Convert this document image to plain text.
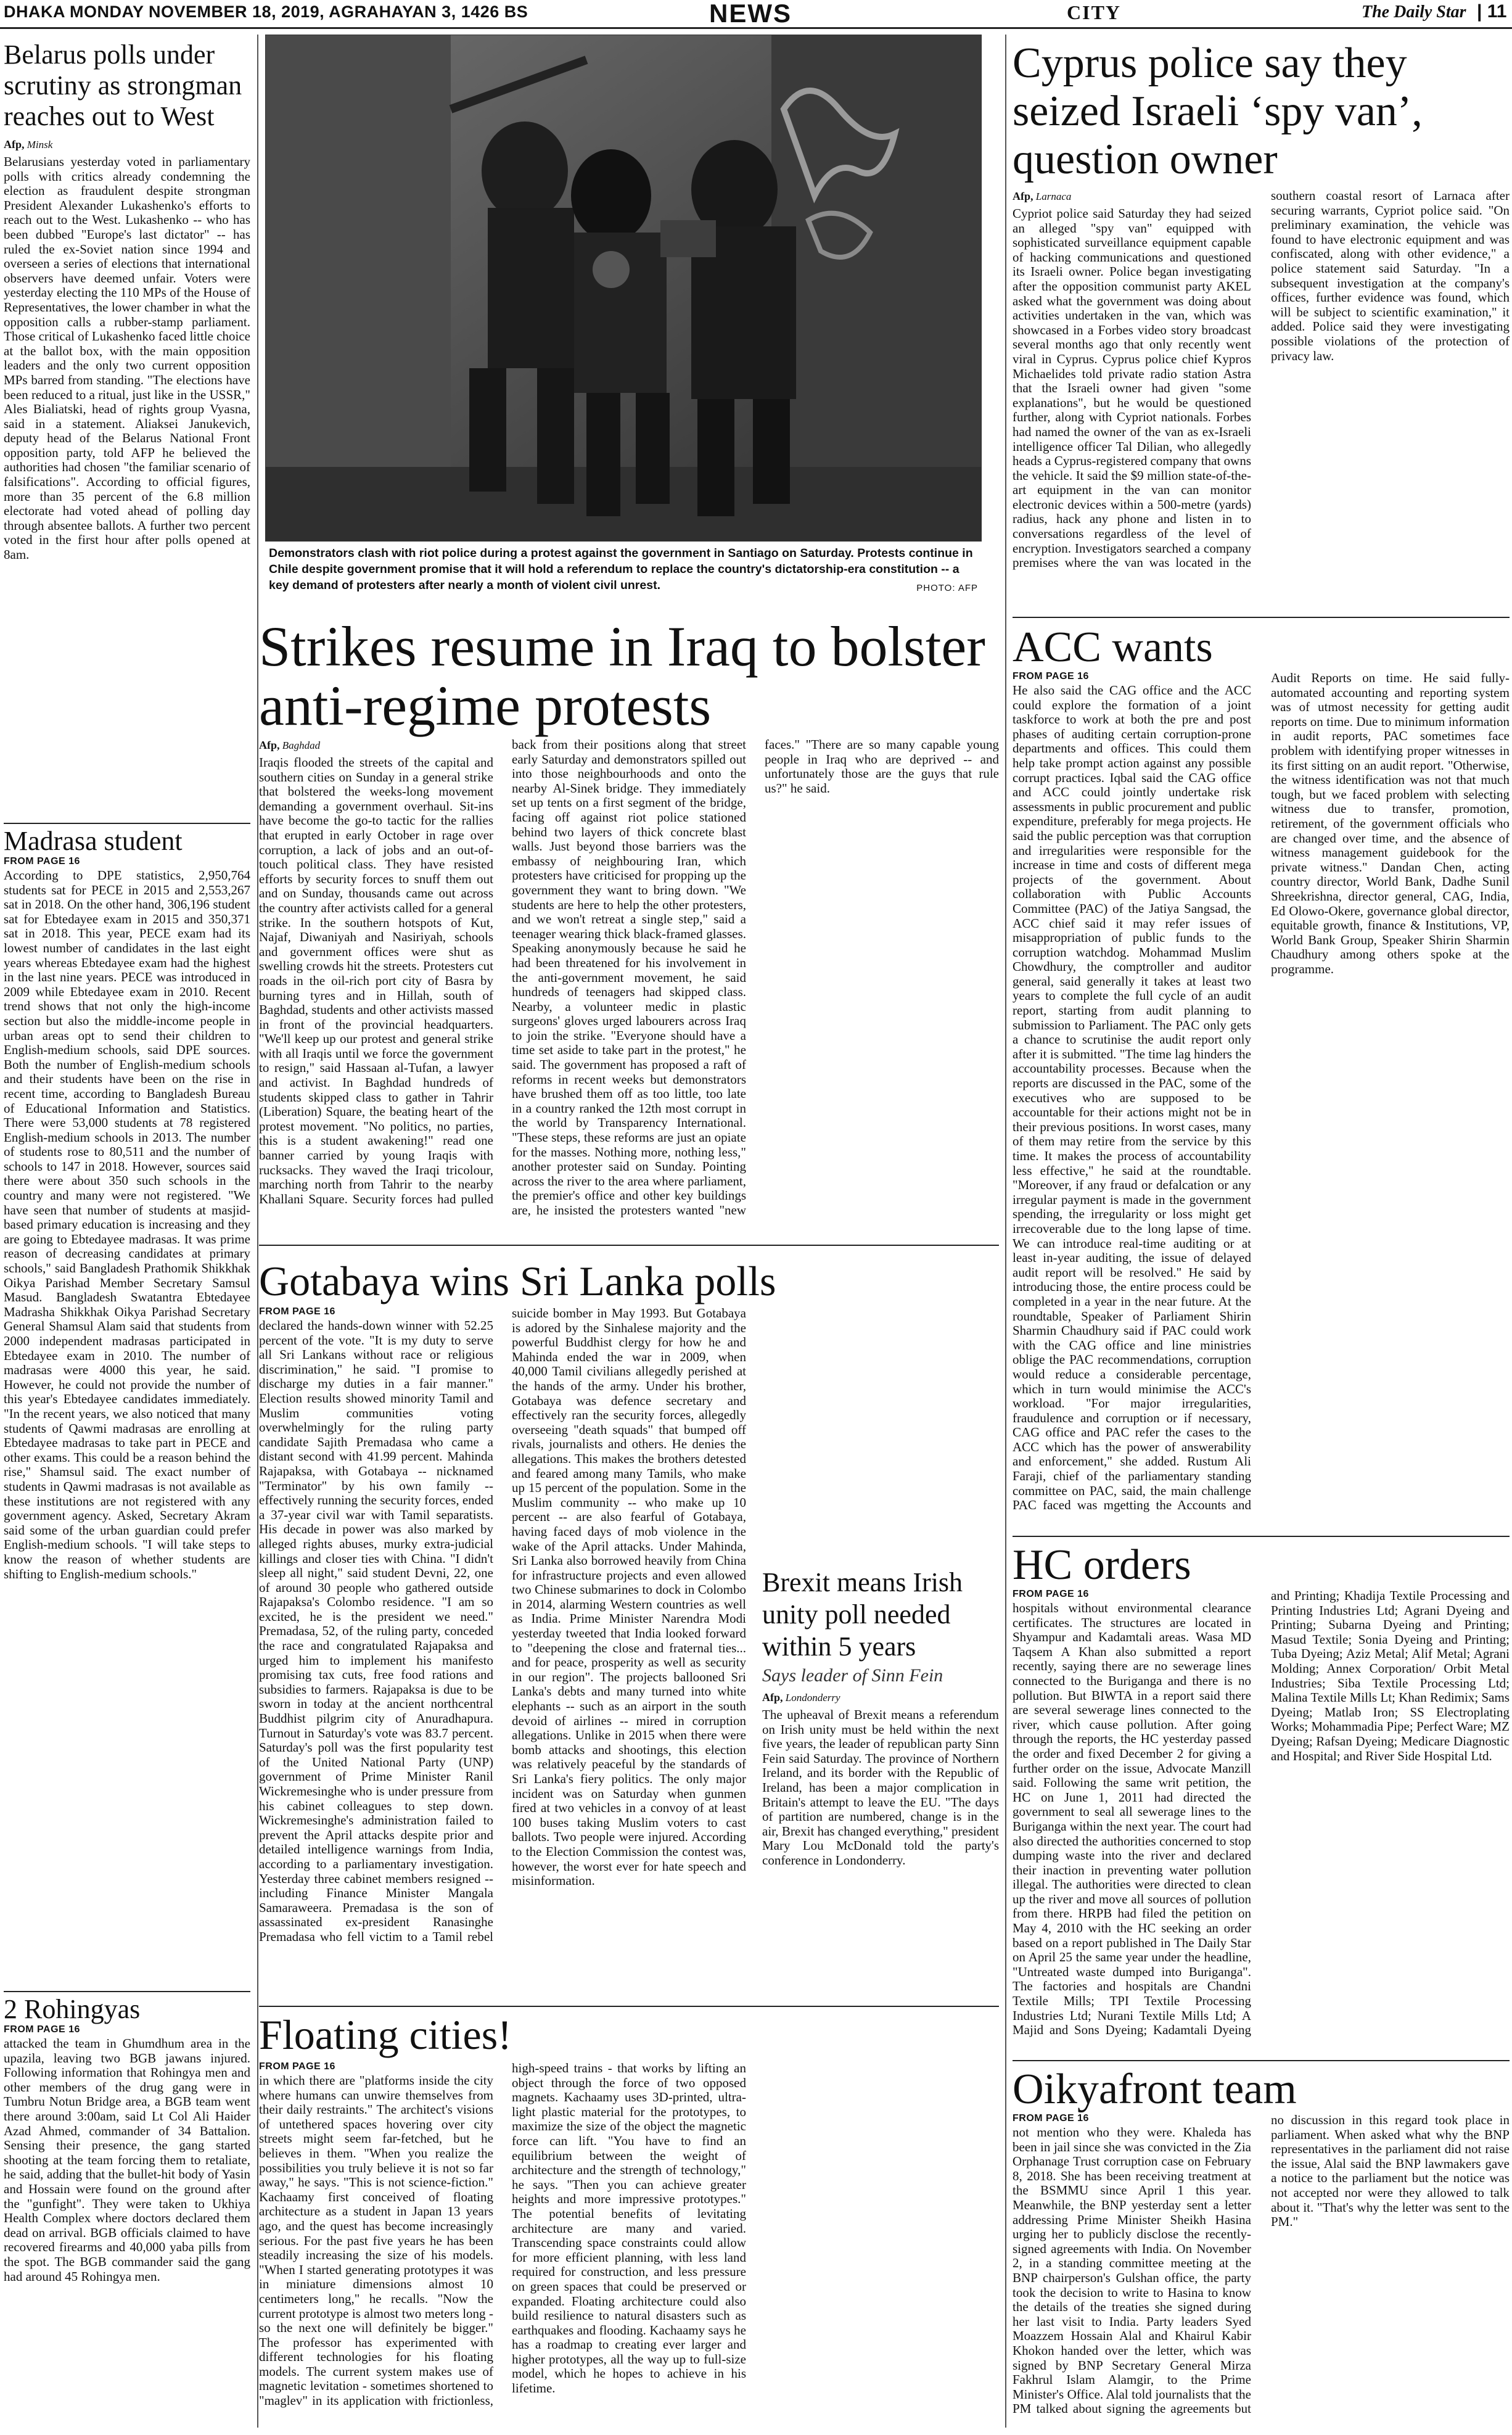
DHAKA MONDAY NOVEMBER 18, 2019, AGRAHAYAN 3, 1426 BS	NEWS	CITY	The Daily Star | 11
Belarus polls under scrutiny as strongman reaches out to West
Afp, Minsk
Belarusians yesterday voted in parliamentary polls with critics already condemning the election as fraudulent despite strongman President Alexander Lukashenko's efforts to reach out to the West. Lukashenko -- who has been dubbed "Europe's last dictator" -- has ruled the ex-Soviet nation since 1994 and overseen a series of elections that international observers have deemed unfair. Voters were yesterday electing the 110 MPs of the House of Representatives, the lower chamber in what the opposition calls a rubber-stamp parliament. Those critical of Lukashenko faced little choice at the ballot box, with the main opposition leaders and the only two current opposition MPs barred from standing. "The elections have been reduced to a ritual, just like in the USSR," Ales Bialiatski, head of rights group Vyasna, said in a statement. Aliaksei Janukevich, deputy head of the Belarus National Front opposition party, told AFP he believed the authorities had chosen "the familiar scenario of falsifications". According to official figures, more than 35 percent of the 6.8 million electorate had voted ahead of polling day through absentee ballots. A further two percent voted in the first hour after polls opened at 8am.
Madrasa student
FROM PAGE 16
According to DPE statistics, 2,950,764 students sat for PECE in 2015 and 2,553,267 sat in 2018. On the other hand, 306,196 student sat for Ebtedayee exam in 2015 and 350,371 sat in 2018. This year, PECE exam had its lowest number of candidates in the last eight years whereas Ebtedayee exam had the highest in the last nine years. PECE was introduced in 2009 while Ebtedayee exam in 2010. Recent trend shows that not only the high-income section but also the middle-income people in urban areas opt to send their children to English-medium schools, said DPE sources. Both the number of English-medium schools and their students have been on the rise in recent time, according to Bangladesh Bureau of Educational Information and Statistics. There were 53,000 students at 78 registered English-medium schools in 2013. The number of students rose to 80,511 and the number of schools to 147 in 2018. However, sources said there were about 350 such schools in the country and many were not registered. "We have seen that number of students at masjid-based primary education is increasing and they are going to Ebtedayee madrasas. It was prime reason of decreasing candidates at primary schools," said Bangladesh Prathomik Shikkhak Oikya Parishad Member Secretary Samsul Masud. Bangladesh Swatantra Ebtedayee Madrasha Shikkhak Oikya Parishad Secretary General Shamsul Alam said that students from 2000 independent madrasas participated in Ebtedayee exam in 2010. The number of madrasas were 4000 this year, he said. However, he could not provide the number of this year's Ebtedayee candidates immediately. "In the recent years, we also noticed that many students of Qawmi madrasas are enrolling at Ebtedayee madrasas to take part in PECE and other exams. This could be a reason behind the rise," Shamsul said. The exact number of students in Qawmi madrasas is not available as these institutions are not registered with any government agency. Asked, Secretary Akram said some of the urban guardian could prefer English-medium schools. "I will take steps to know the reason of whether students are shifting to English-medium schools."
2 Rohingyas
FROM PAGE 16
attacked the team in Ghumdhum area in the upazila, leaving two BGB jawans injured. Following information that Rohingya men and other members of the drug gang were in Tumbru Notun Bridge area, a BGB team went there around 3:00am, said Lt Col Ali Haider Azad Ahmed, commander of 34 Battalion. Sensing their presence, the gang started shooting at the team forcing them to retaliate, he said, adding that the bullet-hit body of Yasin and Hossain were found on the ground after the "gunfight". They were taken to Ukhiya Health Complex where doctors declared them dead on arrival. BGB officials claimed to have recovered firearms and 40,000 yaba pills from the spot. The BGB commander said the gang had around 45 Rohingya men.
Demonstrators clash with riot police during a protest against the government in Santiago on Saturday. Protests continue in Chile despite government promise that it will hold a referendum to replace the country's dictatorship-era constitution -- a key demand of protesters after nearly a month of violent civil unrest.	PHOTO: AFP
Strikes resume in Iraq to bolster anti-regime protests
Afp, Baghdad
Iraqis flooded the streets of the capital and southern cities on Sunday in a general strike that bolstered the weeks-long movement demanding a government overhaul. Sit-ins have become the go-to tactic for the rallies that erupted in early October in rage over corruption, a lack of jobs and an out-of-touch political class. They have resisted efforts by security forces to snuff them out and on Sunday, thousands came out across the country after activists called for a general strike. In the southern hotspots of Kut, Najaf, Diwaniyah and Nasiriyah, schools and government offices were shut as swelling crowds hit the streets. Protesters cut roads in the oil-rich port city of Basra by burning tyres and in Hillah, south of Baghdad, students and other activists massed in front of the provincial headquarters. "We'll keep up our protest and general strike with all Iraqis until we force the government to resign," said Hassaan al-Tufan, a lawyer and activist. In Baghdad hundreds of students skipped class to gather in Tahrir (Liberation) Square, the beating heart of the protest movement. "No politics, no parties, this is a student awakening!" read one banner carried by young Iraqis with rucksacks. They waved the Iraqi tricolour, marching north from Tahrir to the nearby Khallani Square. Security forces had pulled back from their positions along that street early Saturday and demonstrators spilled out into those neighbourhoods and onto the nearby Al-Sinek bridge. They immediately set up tents on a first segment of the bridge, facing off against riot police stationed behind two layers of thick concrete blast walls. Just beyond those barriers was the embassy of neighbouring Iran, which protesters have criticised for propping up the government they want to bring down. "We students are here to help the other protesters, and we won't retreat a single step," said a teenager wearing thick black-framed glasses. Speaking anonymously because he said he had been threatened for his involvement in the anti-government movement, he said hundreds of teenagers had skipped class. Nearby, a volunteer medic in plastic surgeons' gloves urged labourers across Iraq to join the strike. "Everyone should have a time set aside to take part in the protest," he said. The government has proposed a raft of reforms in recent weeks but demonstrators have brushed them off as too little, too late in a country ranked the 12th most corrupt in the world by Transparency International. "These steps, these reforms are just an opiate for the masses. Nothing more, nothing less," another protester said on Sunday. Pointing across the river to the area where parliament, the premier's office and other key buildings are, he insisted the protesters wanted "new faces." "There are so many capable young people in Iraq who are deprived -- and unfortunately those are the guys that rule us?" he said.
Gotabaya wins Sri Lanka polls
FROM PAGE 16
declared the hands-down winner with 52.25 percent of the vote. "It is my duty to serve all Sri Lankans without race or religious discrimination," he said. "I promise to discharge my duties in a fair manner." Election results showed minority Tamil and Muslim communities voting overwhelmingly for the ruling party candidate Sajith Premadasa who came a distant second with 41.99 percent. Mahinda Rajapaksa, with Gotabaya -- nicknamed "Terminator" by his own family -- effectively running the security forces, ended a 37-year civil war with Tamil separatists. His decade in power was also marked by alleged rights abuses, murky extra-judicial killings and closer ties with China. "I didn't sleep all night," said student Devni, 22, one of around 30 people who gathered outside Rajapaksa's Colombo residence. "I am so excited, he is the president we need." Premadasa, 52, of the ruling party, conceded the race and congratulated Rajapaksa and urged him to implement his manifesto promising tax cuts, free food rations and subsidies to farmers. Rajapaksa is due to be sworn in today at the ancient northcentral Buddhist pilgrim city of Anuradhapura. Turnout in Saturday's vote was 83.7 percent. Saturday's poll was the first popularity test of the United National Party (UNP) government of Prime Minister Ranil Wickremesinghe who is under pressure from his cabinet colleagues to step down. Wickremesinghe's administration failed to prevent the April attacks despite prior and detailed intelligence warnings from India, according to a parliamentary investigation. Yesterday three cabinet members resigned -- including Finance Minister Mangala Samaraweera. Premadasa is the son of assassinated ex-president Ranasinghe Premadasa who fell victim to a Tamil rebel suicide bomber in May 1993. But Gotabaya is adored by the Sinhalese majority and the powerful Buddhist clergy for how he and Mahinda ended the war in 2009, when 40,000 Tamil civilians allegedly perished at the hands of the army. Under his brother, Gotabaya was defence secretary and effectively ran the security forces, allegedly overseeing "death squads" that bumped off rivals, journalists and others. He denies the allegations. This makes the brothers detested and feared among many Tamils, who make up 15 percent of the population. Some in the Muslim community -- who make up 10 percent -- are also fearful of Gotabaya, having faced days of mob violence in the wake of the April attacks. Under Mahinda, Sri Lanka also borrowed heavily from China for infrastructure projects and even allowed two Chinese submarines to dock in Colombo in 2014, alarming Western countries as well as India. Prime Minister Narendra Modi yesterday tweeted that India looked forward to "deepening the close and fraternal ties... and for peace, prosperity as well as security in our region". The projects ballooned Sri Lanka's debts and many turned into white elephants -- such as an airport in the south devoid of airlines -- mired in corruption allegations. Unlike in 2015 when there were bomb attacks and shootings, this election was relatively peaceful by the standards of Sri Lanka's fiery politics. The only major incident was on Saturday when gunmen fired at two vehicles in a convoy of at least 100 buses taking Muslim voters to cast ballots. Two people were injured. According to the Election Commission the contest was, however, the worst ever for hate speech and misinformation.
Brexit means Irish unity poll needed within 5 years
Says leader of Sinn Fein
Afp, Londonderry
The upheaval of Brexit means a referendum on Irish unity must be held within the next five years, the leader of republican party Sinn Fein said Saturday. The province of Northern Ireland, and its border with the Republic of Ireland, has been a major complication in Britain's attempt to leave the EU. "The days of partition are numbered, change is in the air, Brexit has changed everything," president Mary Lou McDonald told the party's conference in Londonderry.
Floating cities!
FROM PAGE 16
in which there are "platforms inside the city where humans can unwire themselves from their daily restraints." The architect's visions of untethered spaces hovering over city streets might seem far-fetched, but he believes in them. "When you realize the possibilities you truly believe it is not so far away," he says. "This is not science-fiction." Kachaamy first conceived of floating architecture as a student in Japan 13 years ago, and the quest has become increasingly serious. For the past five years he has been steadily increasing the size of his models. "When I started generating prototypes it was in miniature dimensions almost 10 centimeters long," he recalls. "Now the current prototype is almost two meters long - so the next one will definitely be bigger." The professor has experimented with different technologies for his floating models. The current system makes use of magnetic levitation - sometimes shortened to "maglev" in its application with frictionless, high-speed trains - that works by lifting an object through the force of two opposed magnets. Kachaamy uses 3D-printed, ultra-light plastic material for the prototypes, to maximize the size of the object the magnetic force can lift. "You have to find an equilibrium between the weight of architecture and the strength of technology," he says. "Then you can achieve greater heights and more impressive prototypes." The potential benefits of levitating architecture are many and varied. Transcending space constraints could allow for more efficient planning, with less land required for construction, and less pressure on green spaces that could be preserved or expanded. Floating architecture could also build resilience to natural disasters such as earthquakes and flooding. Kachaamy says he has a roadmap to creating ever larger and higher prototypes, all the way up to full-size model, which he hopes to achieve in his lifetime.
Cyprus police say they seized Israeli ‘spy van’, question owner
Afp, Larnaca
Cypriot police said Saturday they had seized an alleged "spy van" equipped with sophisticated surveillance equipment capable of hacking communications and questioned its Israeli owner. Police began investigating after the opposition communist party AKEL asked what the government was doing about activities undertaken in the van, which was showcased in a Forbes video story broadcast several months ago that only recently went viral in Cyprus. Cyprus police chief Kypros Michaelides told private radio station Astra that the Israeli owner had given "some explanations", but he would be questioned further, along with Cypriot nationals. Forbes had named the owner of the van as ex-Israeli intelligence officer Tal Dilian, who allegedly heads a Cyprus-registered company that owns the vehicle. It said the $9 million state-of-the-art equipment in the van can monitor electronic devices within a 500-metre (yards) radius, hack any phone and listen in to conversations regardless of the level of encryption. Investigators searched a company premises where the van was located in the southern coastal resort of Larnaca after securing warrants, Cypriot police said. "On preliminary examination, the vehicle was found to have electronic equipment and was confiscated, along with other evidence," a police statement said Saturday. "In a subsequent investigation at the company's offices, further evidence was found, which will be subject to scientific examination," it added. Police said they were investigating possible violations of the protection of privacy law.
ACC wants
FROM PAGE 16
He also said the CAG office and the ACC could explore the formation of a joint taskforce to work at both the pre and post phases of auditing certain corruption-prone departments and offices. This could them help take prompt action against any possible corrupt practices. Iqbal said the CAG office and ACC could jointly undertake risk assessments in public procurement and public expenditure, preferably for mega projects. He said the public perception was that corruption and irregularities were responsible for the increase in time and costs of different mega projects of the government. About collaboration with Public Accounts Committee (PAC) of the Jatiya Sangsad, the ACC chief said it may refer issues of misappropriation of public funds to the corruption watchdog. Mohammad Muslim Chowdhury, the comptroller and auditor general, said generally it takes at least two years to complete the full cycle of an audit report, starting from audit planning to submission to Parliament. The PAC only gets a chance to scrutinise the audit report only after it is submitted. "The time lag hinders the accountability processes. Because when the reports are discussed in the PAC, some of the executives who are supposed to be accountable for their actions might not be in their previous positions. In worst cases, many of them may retire from the service by this time. It makes the process of accountability less effective," he said at the roundtable. "Moreover, if any fraud or defalcation or any irregular payment is made in the government spending, the irregularity or loss might get irrecoverable due to the long lapse of time. We can introduce real-time auditing or at least in-year auditing, the issue of delayed audit report will be resolved." He said by introducing those, the entire process could be completed in a year in the near future. At the roundtable, Speaker of Parliament Shirin Sharmin Chaudhury said if PAC could work with the CAG office and line ministries oblige the PAC recommendations, corruption would reduce a considerable percentage, which in turn would minimise the ACC's workload. "For major irregularities, fraudulence and corruption or if necessary, CAG office and PAC refer the cases to the ACC which has the power of answerability and enforcement," she added. Rustum Ali Faraji, chief of the parliamentary standing committee on PAC, said, the main challenge PAC faced was mgetting the Accounts and Audit Reports on time. He said fully-automated accounting and reporting system was of utmost necessity for getting audit reports on time. Due to minimum information in audit reports, PAC sometimes face problem with identifying proper witnesses in its first sitting on an audit report. "Otherwise, the witness identification was not that much tough, but we faced problem with selecting witness due to transfer, promotion, retirement, of the government officials who are changed over time, and the absence of witness management guidebook for the private witness." Dandan Chen, acting country director, World Bank, Dadhe Sunil Shreekrishna, director general, CAG, India, Ed Olowo-Okere, governance global director, equitable growth, finance & Institutions, VP, World Bank Group, Speaker Shirin Sharmin Chaudhury among others spoke at the programme.
HC orders
FROM PAGE 16
hospitals without environmental clearance certificates. The structures are located in Shyampur and Kadamtali areas. Wasa MD Taqsem A Khan also submitted a report recently, saying there are no sewerage lines connected to the Buriganga and there is no pollution. But BIWTA in a report said there are several sewerage lines connected to the river, which cause pollution. After going through the reports, the HC yesterday passed the order and fixed December 2 for giving a further order on the issue, Advocate Manzill said. Following the same writ petition, the HC on June 1, 2011 had directed the government to seal all sewerage lines to the Buriganga within the next year. The court had also directed the authorities concerned to stop dumping waste into the river and declared their inaction in preventing water pollution illegal. The authorities were directed to clean up the river and move all sources of pollution from there. HRPB had filed the petition on May 4, 2010 with the HC seeking an order based on a report published in The Daily Star on April 25 the same year under the headline, "Untreated waste dumped into Buriganga". The factories and hospitals are Chandni Textile Mills; TPI Textile Processing Industries Ltd; Nurani Textile Mills Ltd; A Majid and Sons Dyeing; Kadamtali Dyeing and Printing; Khadija Textile Processing and Printing Industries Ltd; Agrani Dyeing and Printing; Subarna Dyeing and Printing; Masud Textile; Sonia Dyeing and Printing; Tuba Dyeing; Aziz Metal; Alif Metal; Agrani Molding; Annex Corporation/ Orbit Metal Industries; Siba Textile Processing Ltd; Malina Textile Mills Lt; Khan Redimix; Sams Dyeing; Matlab Iron; SS Electroplating Works; Mohammadia Pipe; Perfect Ware; MZ Dyeing; Rafsan Dyeing; Medicare Diagnostic and Hospital; and River Side Hospital Ltd.
Oikyafront team
FROM PAGE 16
not mention who they were. Khaleda has been in jail since she was convicted in the Zia Orphanage Trust corruption case on February 8, 2018. She has been receiving treatment at the BSMMU since April 1 this year. Meanwhile, the BNP yesterday sent a letter addressing Prime Minister Sheikh Hasina urging her to publicly disclose the recently-signed agreements with India. On November 2, in a standing committee meeting at the BNP chairperson's Gulshan office, the party took the decision to write to Hasina to know the details of the treaties she signed during her last visit to India. Party leaders Syed Moazzem Hossain Alal and Khairul Kabir Khokon handed over the letter, which was signed by BNP Secretary General Mirza Fakhrul Islam Alamgir, to the Prime Minister's Office. Alal told journalists that the PM talked about signing the agreements but no discussion in this regard took place in parliament. When asked what why the BNP representatives in the parliament did not raise the issue, Alal said the BNP lawmakers gave a notice to the parliament but the notice was not accepted nor were they allowed to talk about it. "That's why the letter was sent to the PM."
